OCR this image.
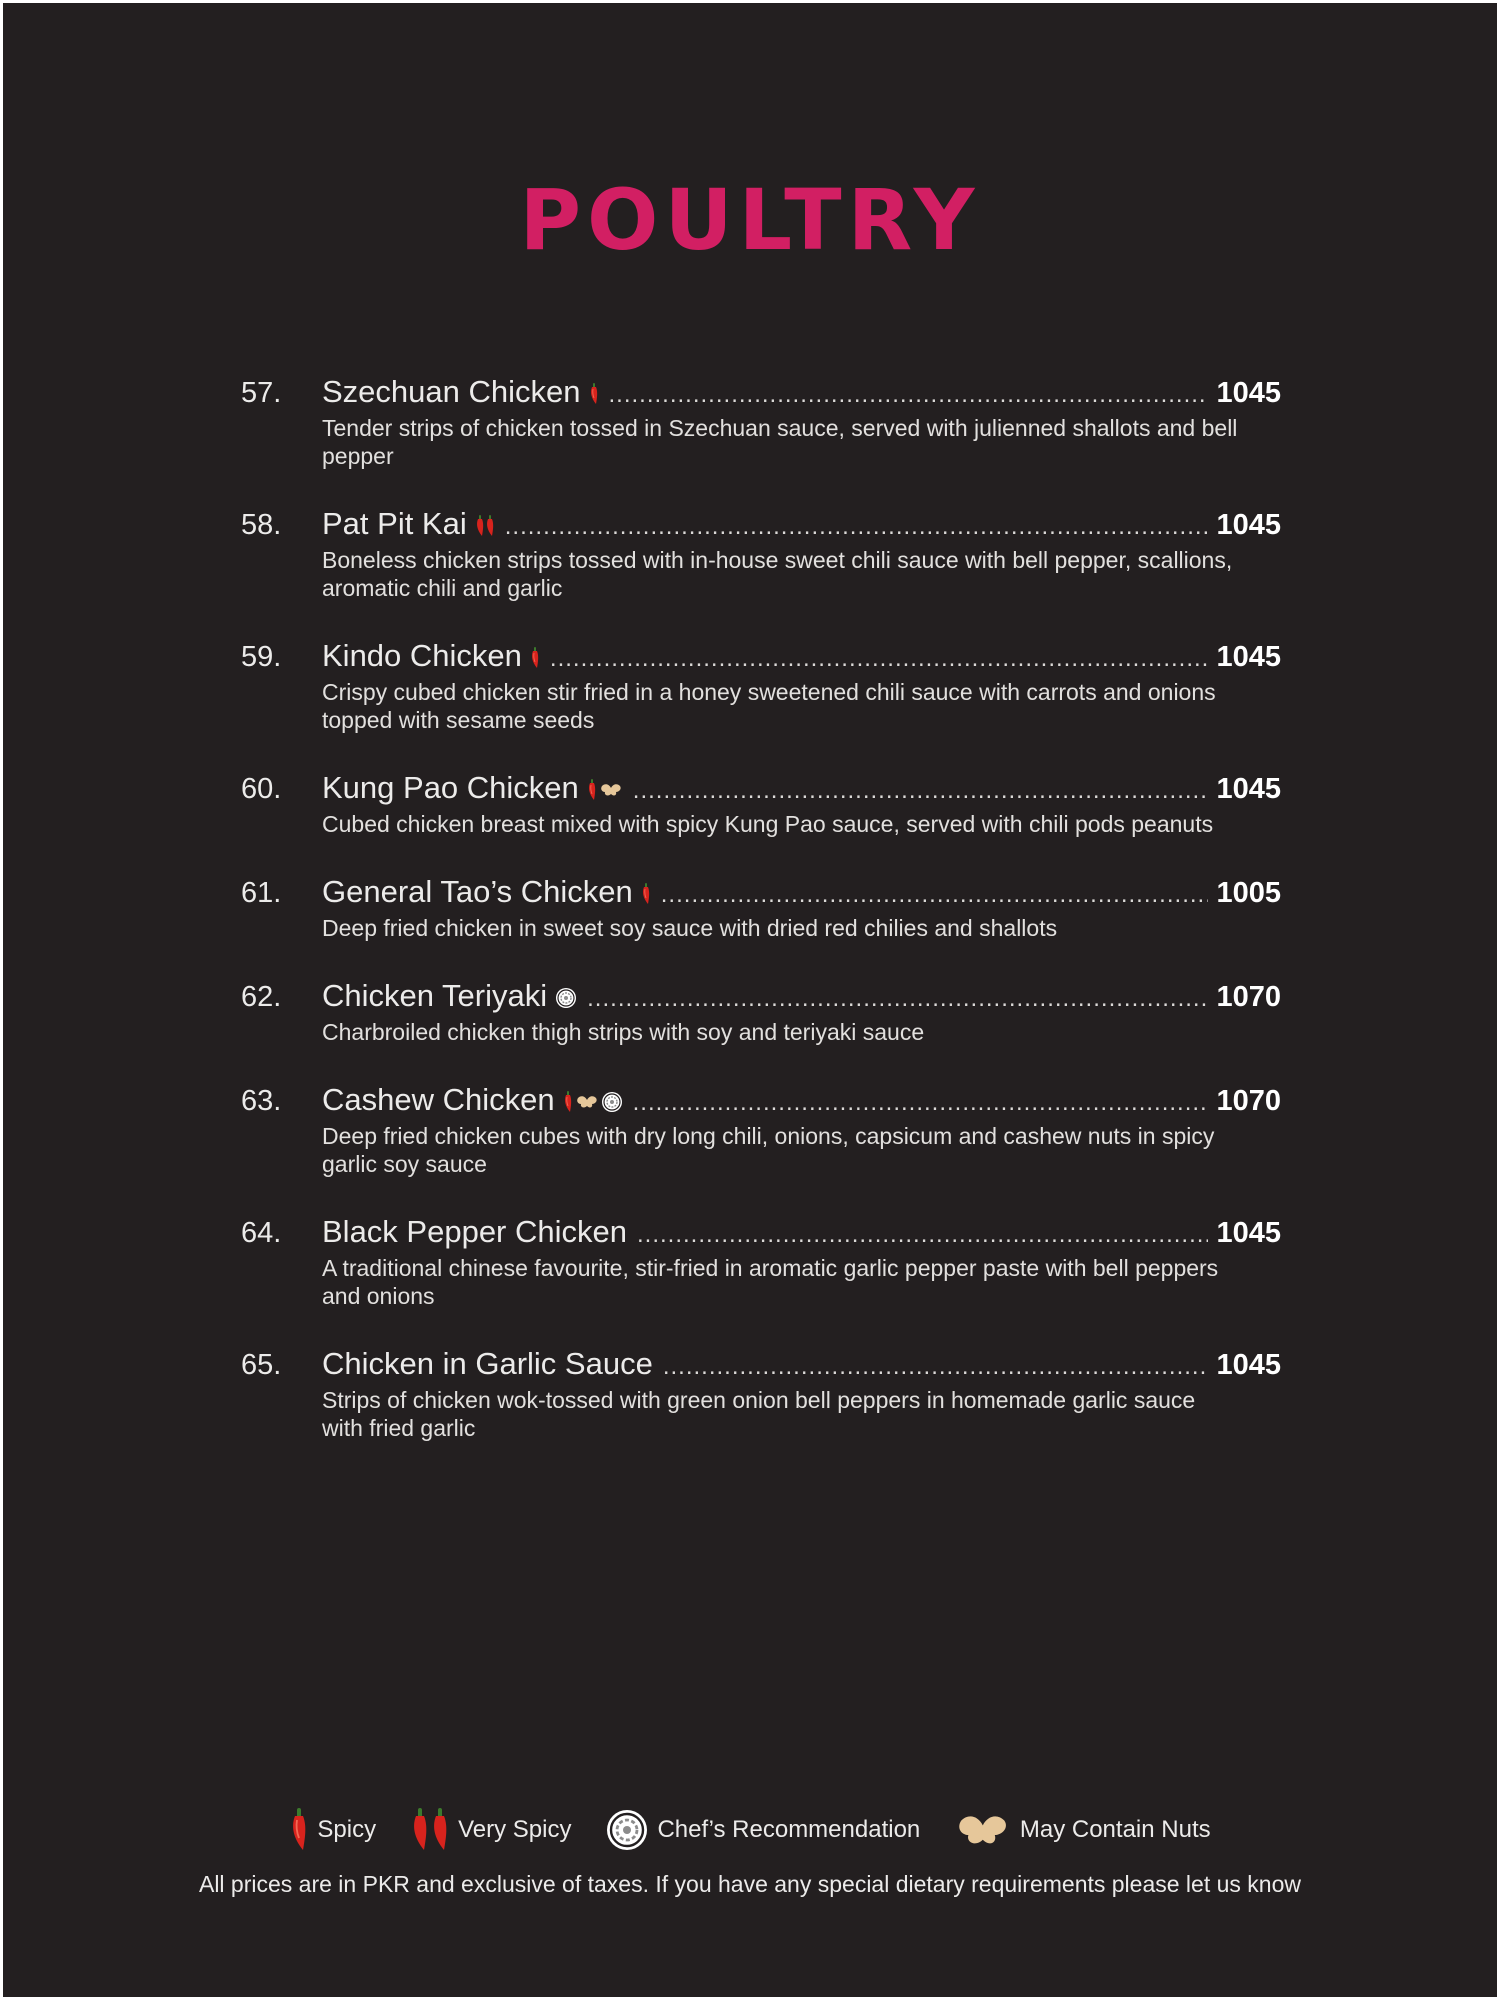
POULTRY
57.	Szechuan Chicken .....	1045
Tender strips of chicken tossed in Szechuan sauce, served with julienned shallots and bell pepper
58.	Pat Pit Kai .....	1045
Boneless chicken strips tossed with in-house sweet chili sauce with bell pepper, scallions, aromatic chili and garlic
59.	Kindo Chicken .....	1045
Crispy cubed chicken stir fried in a honey sweetened chili sauce with carrots and onions topped with sesame seeds
60.	Kung Pao Chicken .....	1045
Cubed chicken breast mixed with spicy Kung Pao sauce, served with chili pods peanuts
61.	General Tao’s Chicken .....	1005
Deep fried chicken in sweet soy sauce with dried red chilies and shallots
62.	Chicken Teriyaki .....	1070
Charbroiled chicken thigh strips with soy and teriyaki sauce
63.	Cashew Chicken .....	1070
Deep fried chicken cubes with dry long chili, onions, capsicum and cashew nuts in spicy garlic soy sauce
64.	Black Pepper Chicken .....	1045
A traditional chinese favourite, stir-fried in aromatic garlic pepper paste with bell peppers and onions
65.	Chicken in Garlic Sauce .....	1045
Strips of chicken wok-tossed with green onion bell peppers in homemade garlic sauce with fried garlic
Spicy	Very Spicy	Chef’s Recommendation	May Contain Nuts
All prices are in PKR and exclusive of taxes. If you have any special dietary requirements please let us know
